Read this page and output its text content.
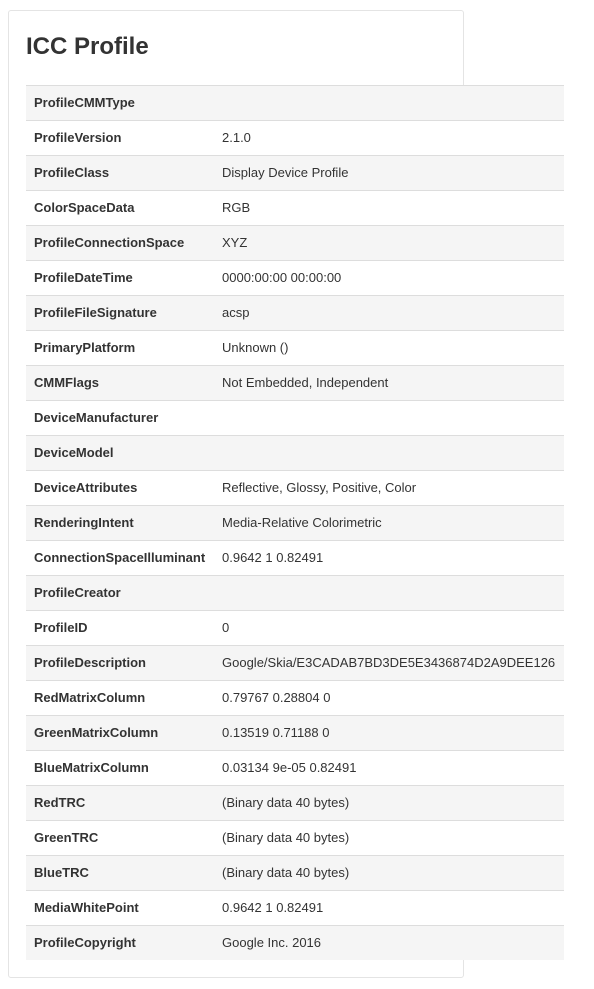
ICC Profile
ProfileCMMType	
ProfileVersion	2.1.0
ProfileClass	Display Device Profile
ColorSpaceData	RGB
ProfileConnectionSpace	XYZ
ProfileDateTime	0000:00:00 00:00:00
ProfileFileSignature	acsp
PrimaryPlatform	Unknown ()
CMMFlags	Not Embedded, Independent
DeviceManufacturer	
DeviceModel	
DeviceAttributes	Reflective, Glossy, Positive, Color
RenderingIntent	Media-Relative Colorimetric
ConnectionSpaceIlluminant	0.9642 1 0.82491
ProfileCreator	
ProfileID	0
ProfileDescription	Google/Skia/E3CADAB7BD3DE5E3436874D2A9DEE126
RedMatrixColumn	0.79767 0.28804 0
GreenMatrixColumn	0.13519 0.71188 0
BlueMatrixColumn	0.03134 9e-05 0.82491
RedTRC	(Binary data 40 bytes)
GreenTRC	(Binary data 40 bytes)
BlueTRC	(Binary data 40 bytes)
MediaWhitePoint	0.9642 1 0.82491
ProfileCopyright	Google Inc. 2016
